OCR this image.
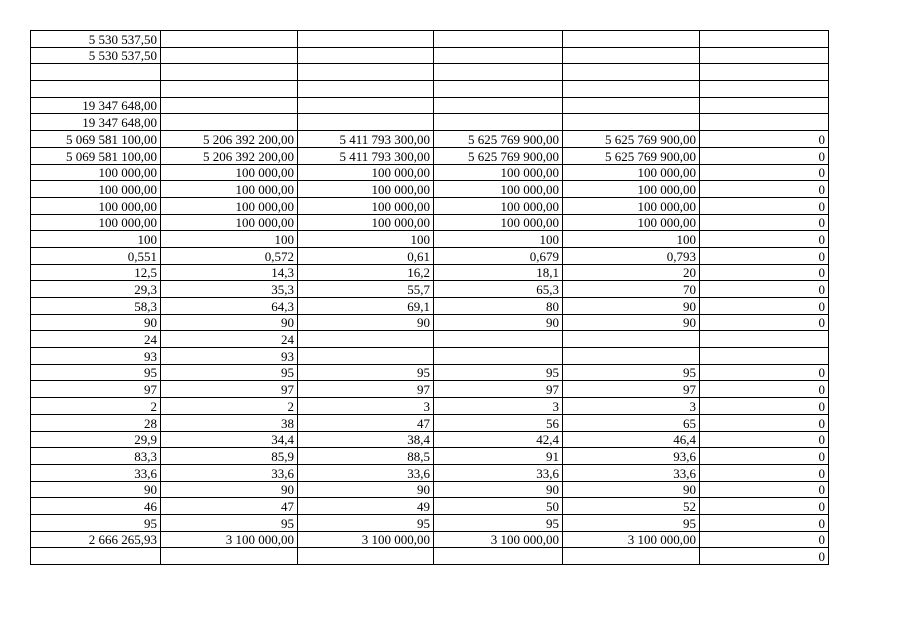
5 530 537,50					
5 530 537,50					

19 347 648,00					
19 347 648,00					
5 069 581 100,00	5 206 392 200,00	5 411 793 300,00	5 625 769 900,00	5 625 769 900,00	0
5 069 581 100,00	5 206 392 200,00	5 411 793 300,00	5 625 769 900,00	5 625 769 900,00	0
100 000,00	100 000,00	100 000,00	100 000,00	100 000,00	0
100 000,00	100 000,00	100 000,00	100 000,00	100 000,00	0
100 000,00	100 000,00	100 000,00	100 000,00	100 000,00	0
100 000,00	100 000,00	100 000,00	100 000,00	100 000,00	0
100	100	100	100	100	0
0,551	0,572	0,61	0,679	0,793	0
12,5	14,3	16,2	18,1	20	0
29,3	35,3	55,7	65,3	70	0
58,3	64,3	69,1	80	90	0
90	90	90	90	90	0
24	24				
93	93				
95	95	95	95	95	0
97	97	97	97	97	0
2	2	3	3	3	0
28	38	47	56	65	0
29,9	34,4	38,4	42,4	46,4	0
83,3	85,9	88,5	91	93,6	0
33,6	33,6	33,6	33,6	33,6	0
90	90	90	90	90	0
46	47	49	50	52	0
95	95	95	95	95	0
2 666 265,93	3 100 000,00	3 100 000,00	3 100 000,00	3 100 000,00	0
					0
